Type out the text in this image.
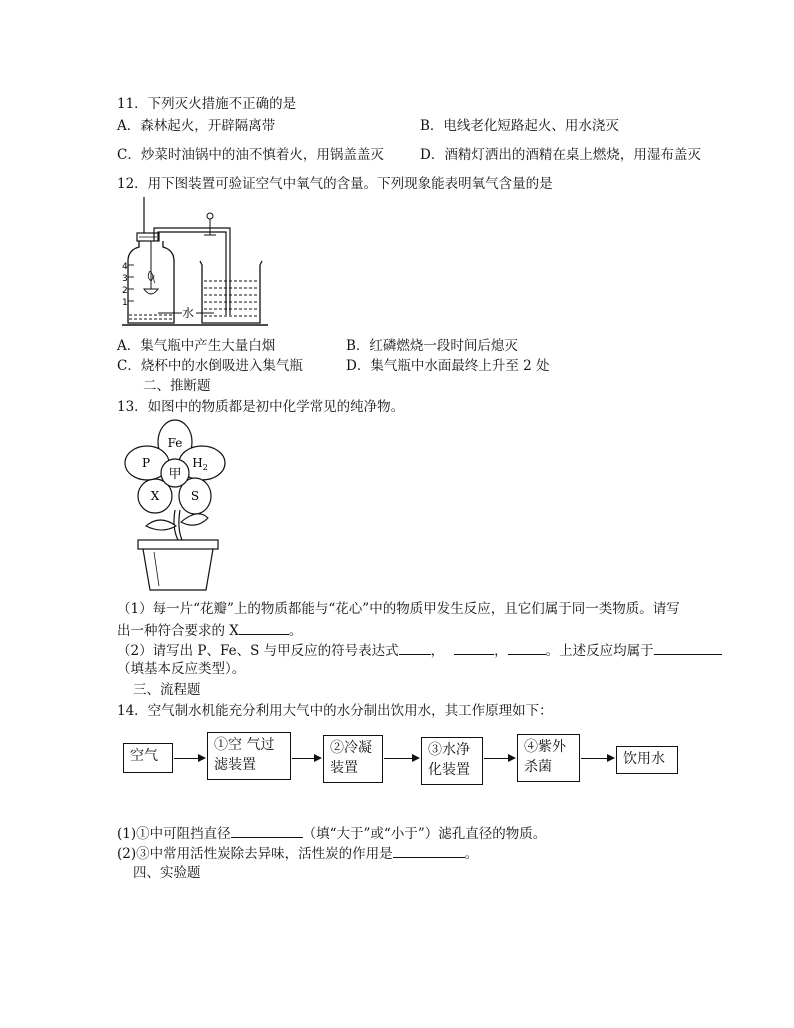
11．下列灭火措施不正确的是
A．森林起火，开辟隔离带	B．电线老化短路起火、用水浇灭
C．炒菜时油锅中的油不慎着火，用锅盖盖灭	D．酒精灯洒出的酒精在桌上燃烧，用湿布盖灭
12．用下图装置可验证空气中氧气的含量。下列现象能表明氧气含量的是
4
3
2
1
水
A．集气瓶中产生大量白烟	B．红磷燃烧一段时间后熄灭
C．烧杯中的水倒吸进入集气瓶	D．集气瓶中水面最终上升至 2 处
二、推断题
13．如图中的物质都是初中化学常见的纯净物。
甲
Fe
$H_2$
S
X
P
（1）每一片“花瓣”上的物质都能与“花心”中的物质甲发生反应，且它们属于同一类物质。请写
出一种符合要求的 X	。
（2）请写出 P、Fe、S 与甲反应的符号表达式 ，	，	。上述反应均属于
（填基本反应类型）。
三、流程题
14．空气制水机能充分利用大气中的水分制出饮用水，其工作原理如下：
空气
①空 气过
滤装置
②冷凝
装置
③水净
化装置
④紫外
杀菌	饮用水
(1)①中可阻挡直径	（填“大于”或“小于”）滤孔直径的物质。
(2)③中常用活性炭除去异味，活性炭的作用是	。
四、实验题
